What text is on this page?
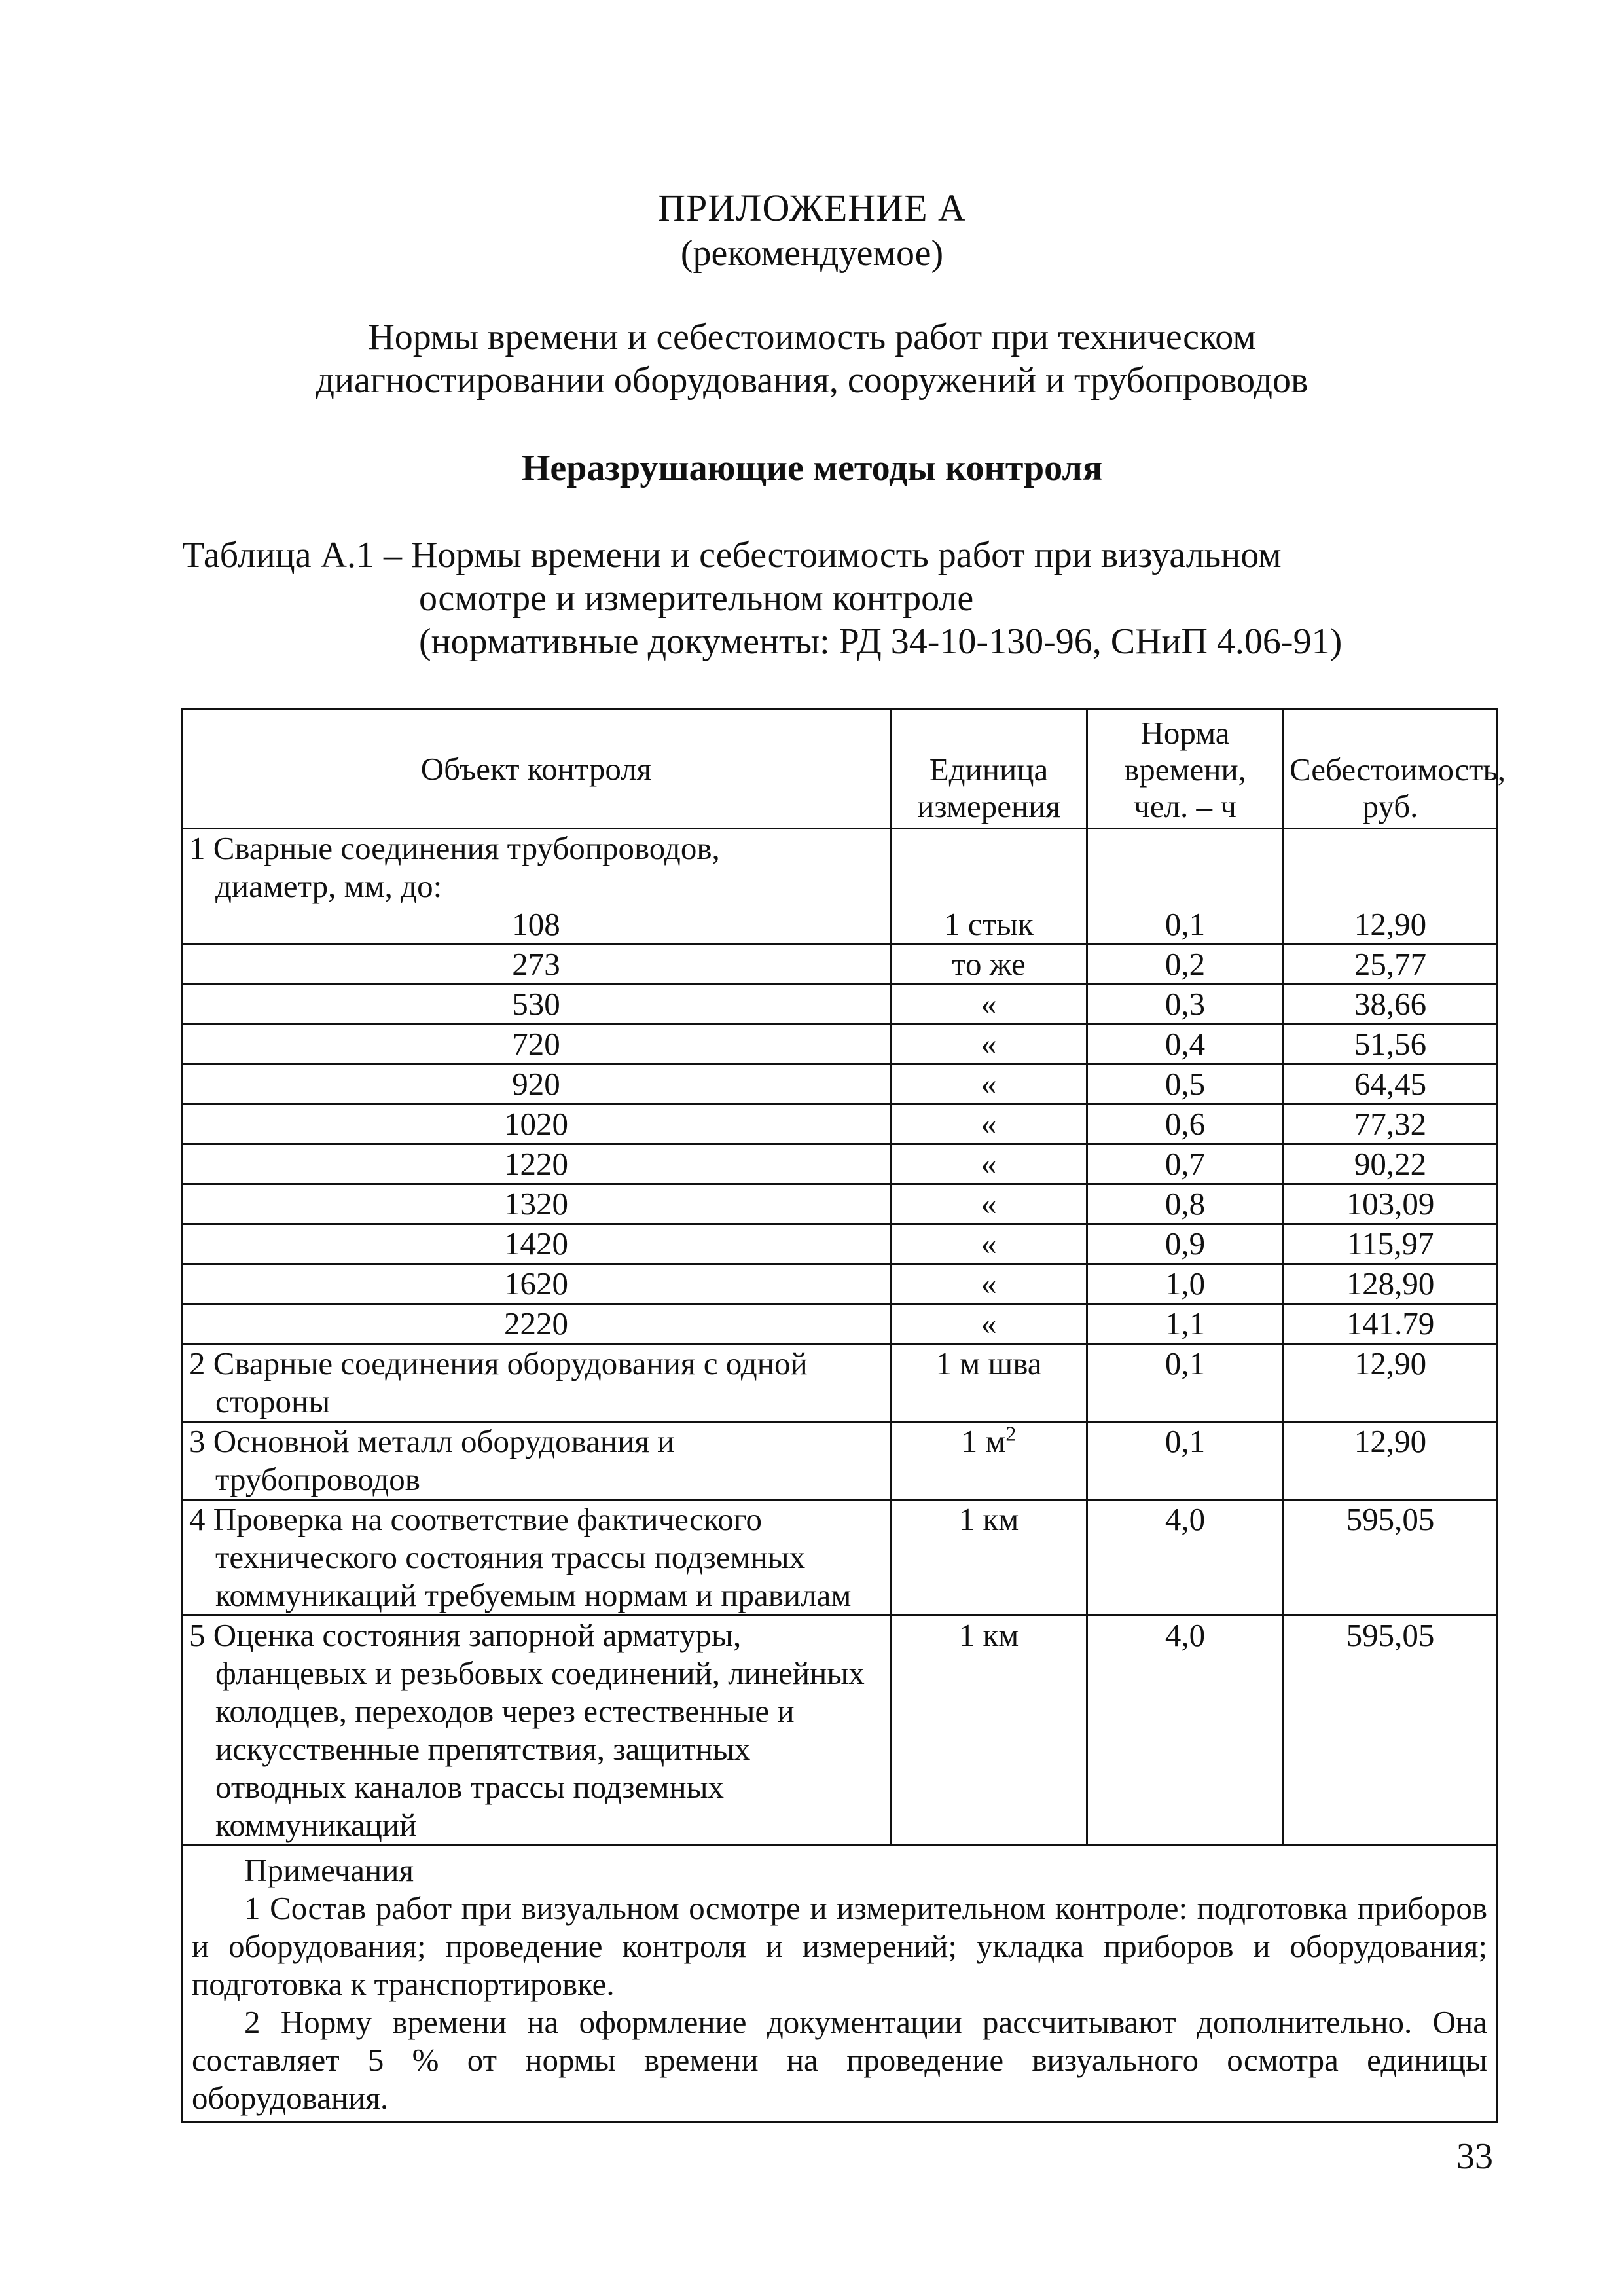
ПРИЛОЖЕНИЕ А
(рекомендуемое)
Нормы времени и себестоимость работ при техническом
диагностировании оборудования, сооружений и трубопроводов
Неразрушающие методы контроля
Таблица А.1 – Нормы времени и себестоимость работ при визуальном
осмотре и измерительном контроле
(нормативные документы: РД 34-10-130-96, СНиП 4.06-91)
Объект контроля	Единица измерения	Норма времени, чел. – ч	Себестоимость, руб.

1 Сварные соединения трубопроводов,
диаметр, мм, до:			

108	1 стык	0,1	12,90
273	то же	0,2	25,77
530	«	0,3	38,66
720	«	0,4	51,56
920	«	0,5	64,45
1020	«	0,6	77,32
1220	«	0,7	90,22
1320	«	0,8	103,09
1420	«	0,9	115,97
1620	«	1,0	128,90
2220	«	1,1	141.79
2 Сварные соединения оборудования с одной стороны	1 м шва	0,1	12,90
3 Основной металл оборудования и трубопроводов	1 $м^2$	0,1	12,90
4 Проверка на соответствие фактического технического состояния трассы подземных коммуникаций требуемым нормам и правилам	1 км	4,0	595,05
5 Оценка состояния запорной арматуры, фланцевых и резьбовых соединений, линейных колодцев, переходов через естественные и искусственные препятствия, защитных отводных каналов трассы подземных коммуникаций	1 км	4,0	595,05

Примечания

1 Состав работ при визуальном осмотре и измерительном контроле: подготовка приборов и оборудования; проведение контроля и измерений; укладка приборов и оборудования; подготовка к транспортировке.

2 Норму времени на оформление документации рассчитывают дополнительно. Она составляет 5 % от нормы времени на проведение визуального осмотра единицы оборудования.			

33
